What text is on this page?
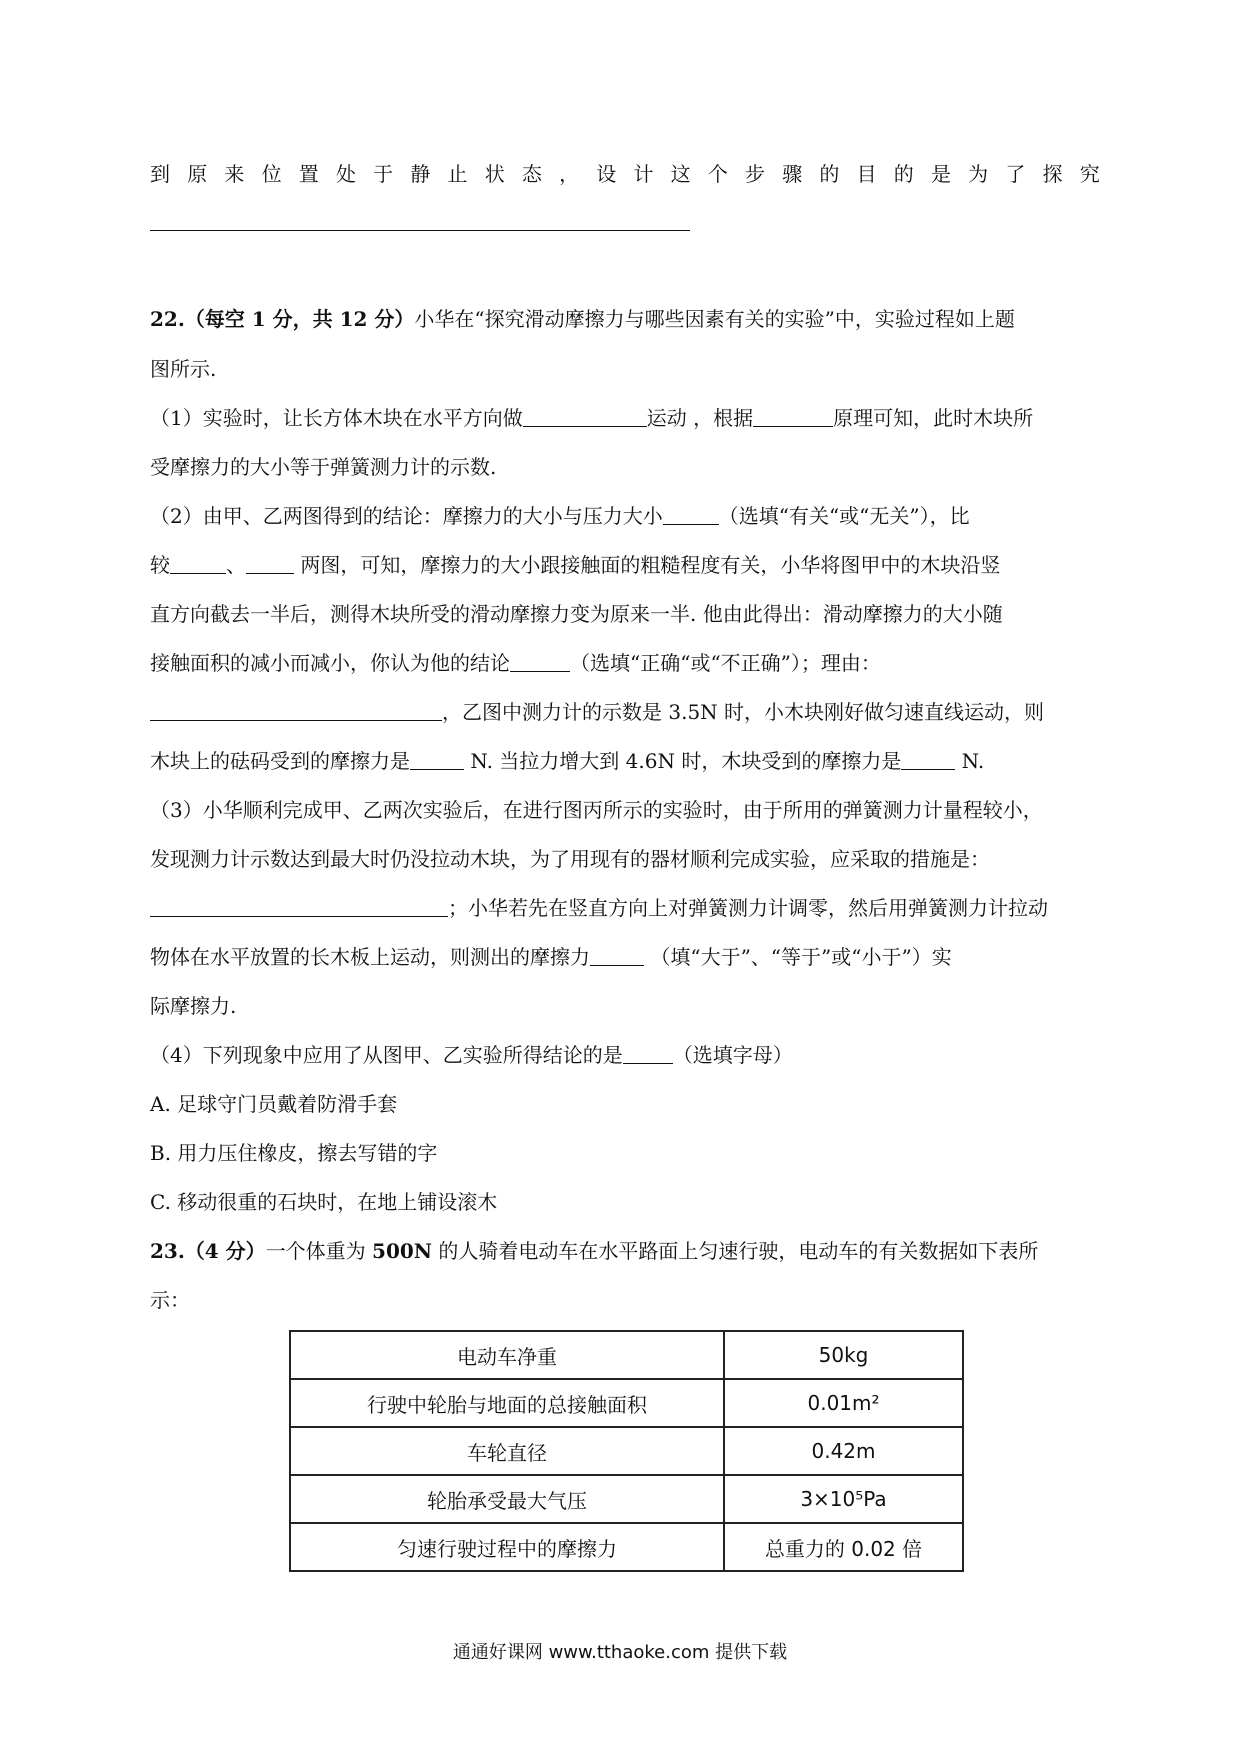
到 原 来 位 置 处 于 静 止 状 态 ， 设 计 这 个 步 骤 的 目 的 是 为 了 探 究
22.（每空 1 分，共 12 分）小华在“探究滑动摩擦力与哪些因素有关的实验”中，实验过程如上题
图所示.
（1）实验时，让长方体木块在水平方向做	运动 ，根据	原理可知，此时木块所
受摩擦力的大小等于弹簧测力计的示数.
（2）由甲、乙两图得到的结论：摩擦力的大小与压力大小	（选填“有关“或“无关”），比
较	、 两图，可知，摩擦力的大小跟接触面的粗糙程度有关，小华将图甲中的木块沿竖
直方向截去一半后，测得木块所受的滑动摩擦力变为原来一半. 他由此得出：滑动摩擦力的大小随
接触面积的减小而减小，你认为他的结论	（选填“正确“或“不正确”）；理由：
，乙图中测力计的示数是 3.5N 时，小木块刚好做匀速直线运动，则
木块上的砝码受到的摩擦力是	N. 当拉力增大到 4.6N 时，木块受到的摩擦力是	N.
（3）小华顺利完成甲、乙两次实验后，在进行图丙所示的实验时，由于所用的弹簧测力计量程较小，
发现测力计示数达到最大时仍没拉动木块，为了用现有的器材顺利完成实验，应采取的措施是：
；小华若先在竖直方向上对弹簧测力计调零，然后用弹簧测力计拉动
物体在水平放置的长木板上运动，则测出的摩擦力	（填“大于”、“等于”或“小于”）实
际摩擦力.
（4）下列现象中应用了从图甲、乙实验所得结论的是	（选填字母）
A. 足球守门员戴着防滑手套
B. 用力压住橡皮，擦去写错的字
C. 移动很重的石块时，在地上铺设滚木
23.（4 分）一个体重为 500N 的人骑着电动车在水平路面上匀速行驶，电动车的有关数据如下表所
示：
电动车净重	50kg
行驶中轮胎与地面的总接触面积	0.01m²
车轮直径	0.42m
轮胎承受最大气压	3×10⁵Pa
匀速行驶过程中的摩擦力	总重力的 0.02 倍
通通好课网 www.tthaoke.com 提供下载
